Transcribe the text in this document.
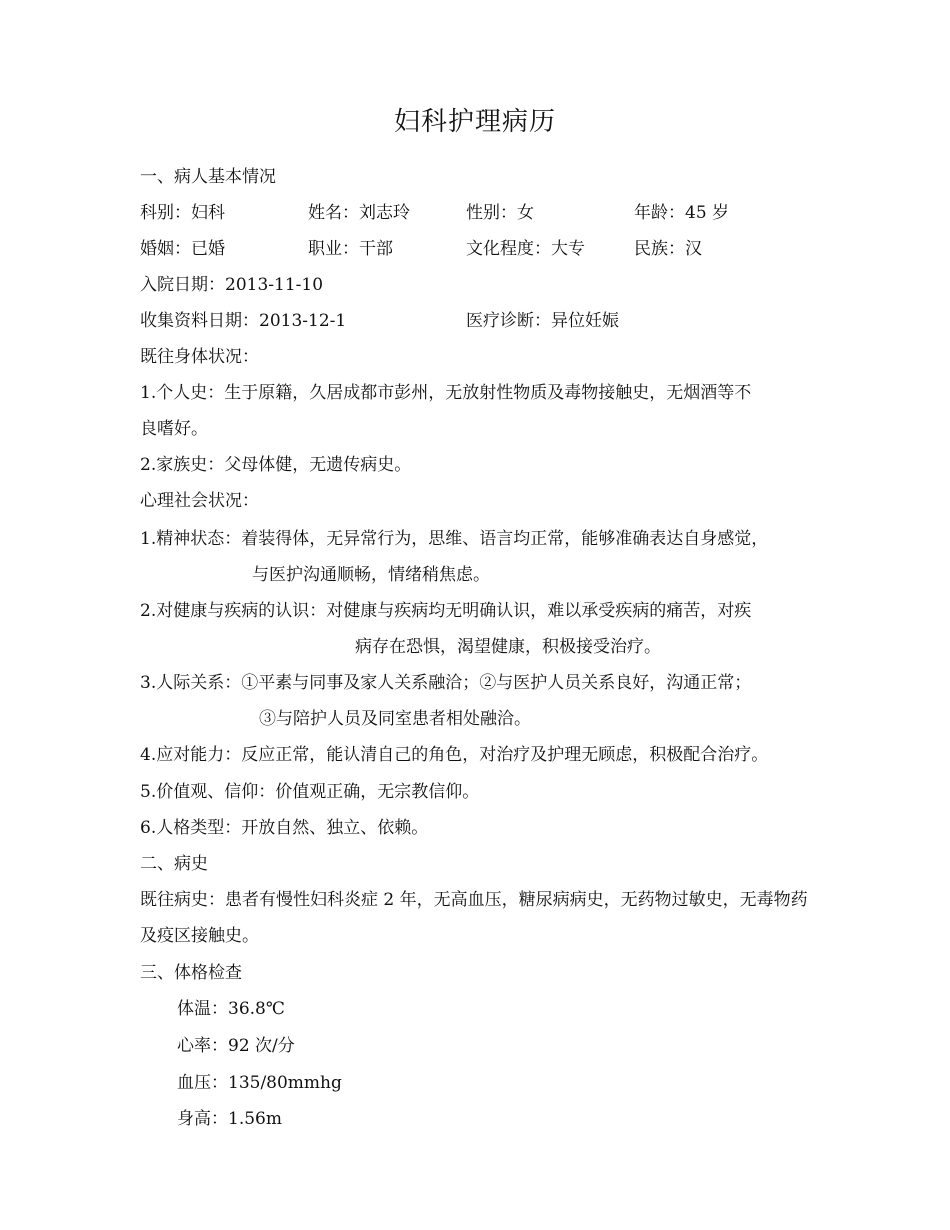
妇科护理病历
一、病人基本情况
科别：妇科	姓名：刘志玲	性别：女	年龄：45 岁
婚姻：已婚	职业：干部	文化程度：大专	民族：汉
入院日期：2013-11-10
收集资料日期：2013-12-1	医疗诊断：异位妊娠
既往身体状况：
1.个人史：生于原籍，久居成都市彭州，无放射性物质及毒物接触史，无烟酒等不
良嗜好。
2.家族史：父母体健，无遗传病史。
心理社会状况：
1.精神状态：着装得体，无异常行为，思维、语言均正常，能够准确表达自身感觉，
与医护沟通顺畅，情绪稍焦虑。
2.对健康与疾病的认识：对健康与疾病均无明确认识，难以承受疾病的痛苦，对疾
病存在恐惧，渴望健康，积极接受治疗。
3.人际关系：①平素与同事及家人关系融洽；②与医护人员关系良好，沟通正常；
③与陪护人员及同室患者相处融洽。
4.应对能力：反应正常，能认清自己的角色，对治疗及护理无顾虑，积极配合治疗。
5.价值观、信仰：价值观正确，无宗教信仰。
6.人格类型：开放自然、独立、依赖。
二、病史
既往病史：患者有慢性妇科炎症 2 年，无高血压，糖尿病病史，无药物过敏史，无毒物药
及疫区接触史。
三、体格检查
体温：36.8℃
心率：92 次/分
血压：135/80mmhg
身高：1.56m
